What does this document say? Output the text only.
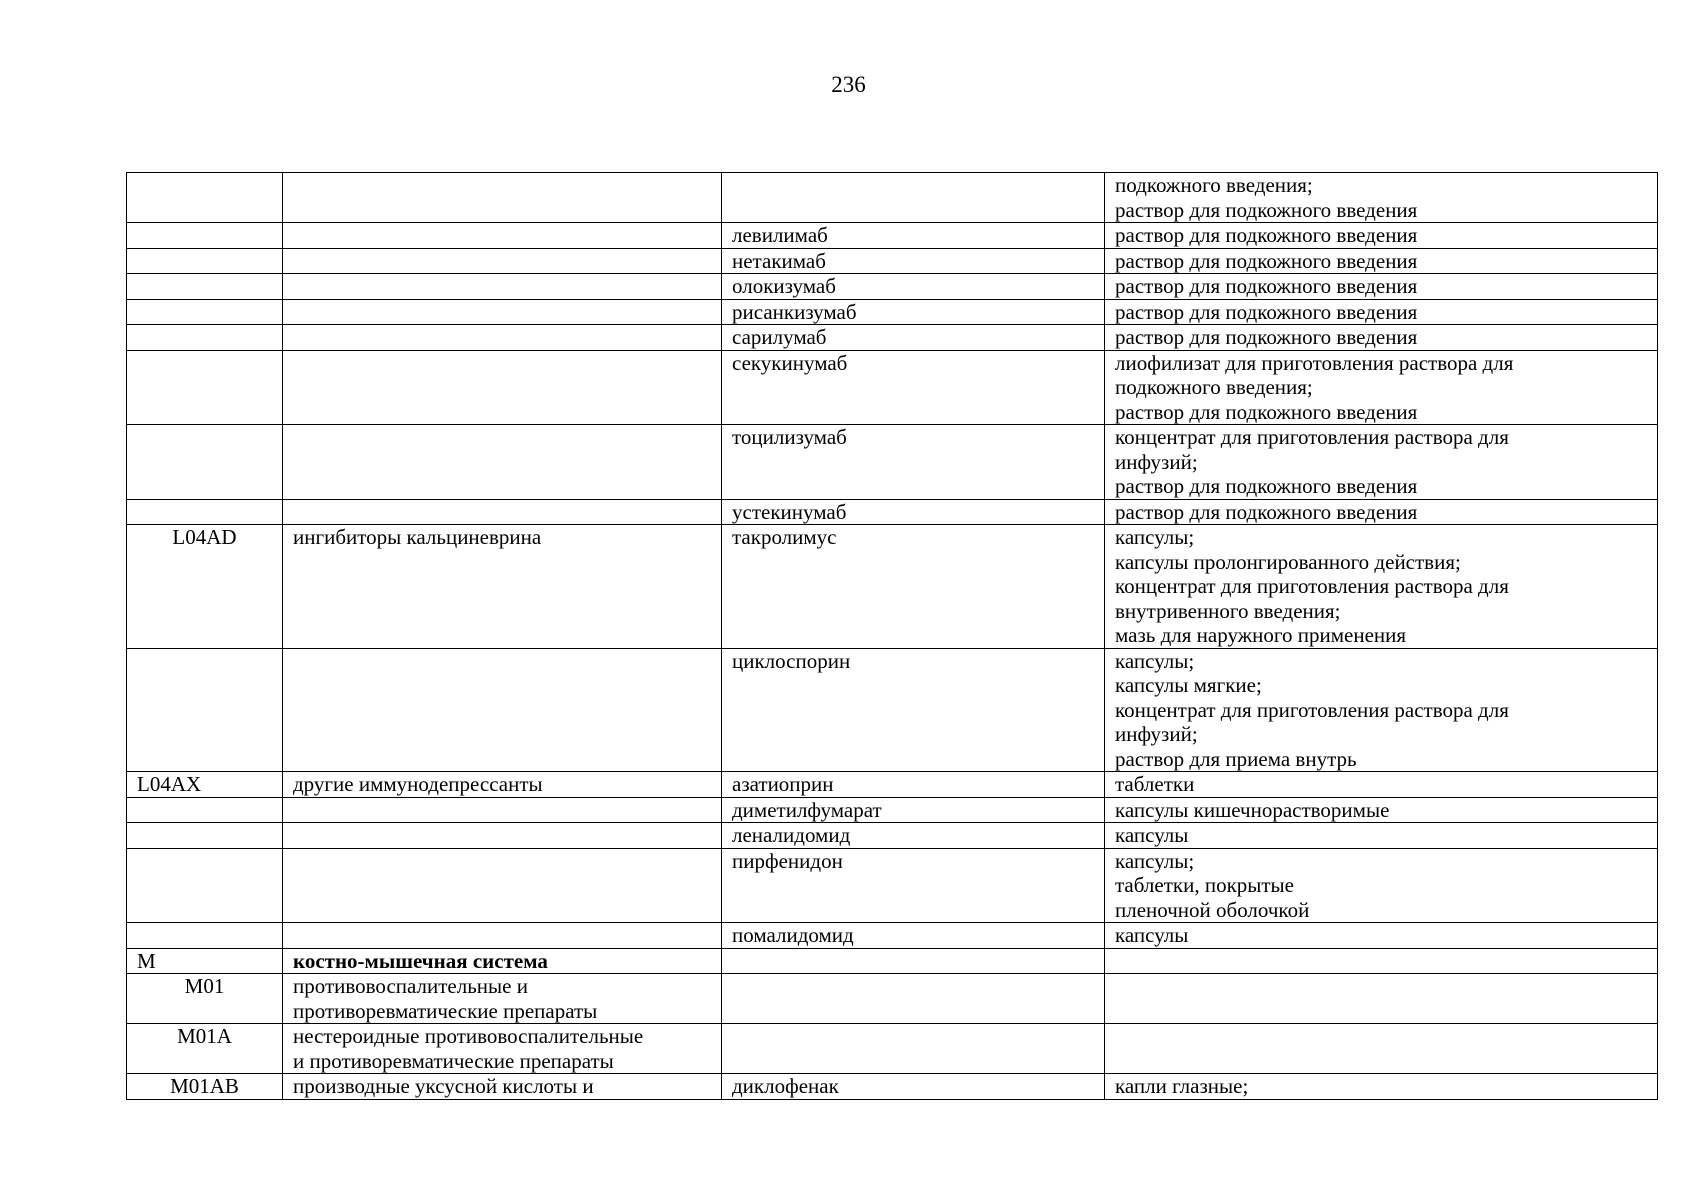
236
			подкожного введения;
раствор для подкожного введения
		левилимаб	раствор для подкожного введения
		нетакимаб	раствор для подкожного введения
		олокизумаб	раствор для подкожного введения
		рисанкизумаб	раствор для подкожного введения
		сарилумаб	раствор для подкожного введения
		секукинумаб	лиофилизат для приготовления раствора для
подкожного введения;
раствор для подкожного введения
		тоцилизумаб	концентрат для приготовления раствора для
инфузий;
раствор для подкожного введения
		устекинумаб	раствор для подкожного введения
L04AD	ингибиторы кальциневрина	такролимус	капсулы;
капсулы пролонгированного действия;
концентрат для приготовления раствора для
внутривенного введения;
мазь для наружного применения
		циклоспорин	капсулы;
капсулы мягкие;
концентрат для приготовления раствора для
инфузий;
раствор для приема внутрь
L04AX	другие иммунодепрессанты	азатиоприн	таблетки
		диметилфумарат	капсулы кишечнорастворимые
		леналидомид	капсулы
		пирфенидон	капсулы;
таблетки, покрытые
пленочной оболочкой
		помалидомид	капсулы
M	костно-мышечная система		
M01	противовоспалительные и
противоревматические препараты		
M01A	нестероидные противовоспалительные
и противоревматические препараты		
M01AB	производные уксусной кислоты и	диклофенак	капли глазные;
